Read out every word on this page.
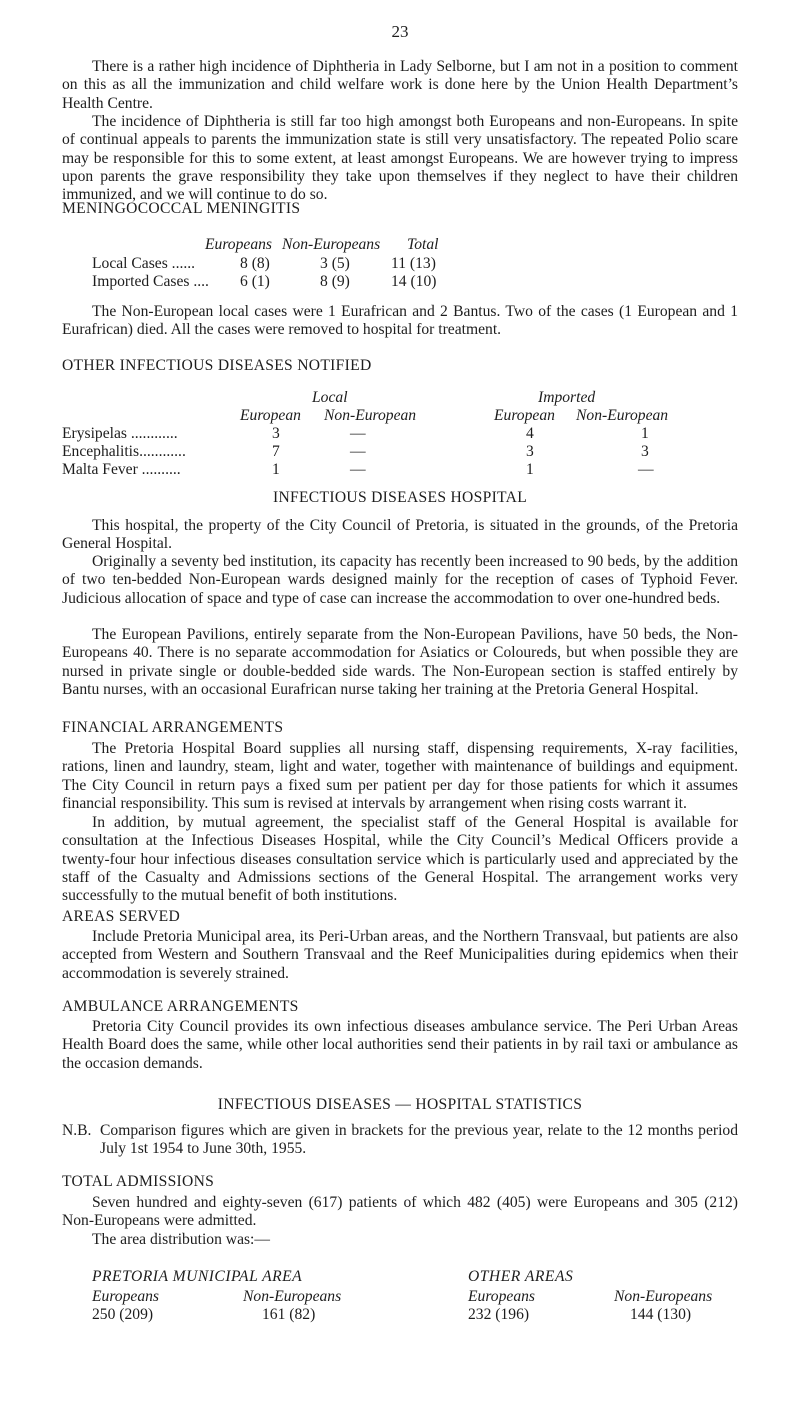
23

There is a rather high incidence of Diphtheria in Lady Selborne, but I am not in a position to comment on this as all the immunization and child welfare work is done here by the Union Health Department’s Health Centre.

The incidence of Diphtheria is still far too high amongst both Europeans and non-Europeans. In spite of continual appeals to parents the immunization state is still very unsatisfactory. The repeated Polio scare may be responsible for this to some extent, at least amongst Europeans. We are however trying to impress upon parents the grave responsibility they take upon themselves if they neglect to have their children immunized, and we will continue to do so.

MENINGOCOCCAL MENINGITIS
Europeans Non-Europeans Total
Local Cases ......	8 (8)	3 (5)	11 (13)
Imported Cases .... 6 (1)	8 (9)	14 (10)

The Non-European local cases were 1 Eurafrican and 2 Bantus. Two of the cases (1 European and 1 Eurafrican) died. All the cases were removed to hospital for treatment.

OTHER INFECTIOUS DISEASES NOTIFIED
Local	Imported
European Non-European	European Non-European
Erysipelas ............	3	—	4	1
Encephalitis............	7	—	3	3
Malta Fever ..........	1	—	1	—
INFECTIOUS DISEASES HOSPITAL

This hospital, the property of the City Council of Pretoria, is situated in the grounds, of the Pretoria General Hospital.

Originally a seventy bed institution, its capacity has recently been increased to 90 beds, by the addition of two ten-bedded Non-European wards designed mainly for the reception of cases of Typhoid Fever. Judicious allocation of space and type of case can increase the accommodation to over one-hundred beds.

The European Pavilions, entirely separate from the Non-European Pavilions, have 50 beds, the Non-Europeans 40. There is no separate accommodation for Asiatics or Coloureds, but when possible they are nursed in private single or double-bedded side wards. The Non-European section is staffed entirely by Bantu nurses, with an occasional Eurafrican nurse taking her training at the Pretoria General Hospital.

FINANCIAL ARRANGEMENTS

The Pretoria Hospital Board supplies all nursing staff, dispensing requirements, X-ray facilities, rations, linen and laundry, steam, light and water, together with maintenance of buildings and equipment. The City Council in return pays a fixed sum per patient per day for those patients for which it assumes financial responsibility. This sum is revised at intervals by arrangement when rising costs warrant it.

In addition, by mutual agreement, the specialist staff of the General Hospital is available for consultation at the Infectious Diseases Hospital, while the City Council’s Medical Officers provide a twenty-four hour infectious diseases consultation service which is particularly used and appreciated by the staff of the Casualty and Admissions sections of the General Hospital. The arrangement works very successfully to the mutual benefit of both institutions.

AREAS SERVED

Include Pretoria Municipal area, its Peri-Urban areas, and the Northern Transvaal, but patients are also accepted from Western and Southern Transvaal and the Reef Municipalities during epidemics when their accommodation is severely strained.

AMBULANCE ARRANGEMENTS

Pretoria City Council provides its own infectious diseases ambulance service. The Peri Urban Areas Health Board does the same, while other local authorities send their patients in by rail taxi or ambulance as the occasion demands.

INFECTIOUS DISEASES — HOSPITAL STATISTICS
N.B. Comparison figures which are given in brackets for the previous year, relate to the 12 months period July 1st 1954 to June 30th, 1955.

TOTAL ADMISSIONS

Seven hundred and eighty-seven (617) patients of which 482 (405) were Europeans and 305 (212) Non-Europeans were admitted.

The area distribution was:—

PRETORIA MUNICIPAL AREA	OTHER AREAS
Europeans	Non-Europeans	Europeans	Non-Europeans
250 (209)	161 (82)	232 (196)	144 (130)
